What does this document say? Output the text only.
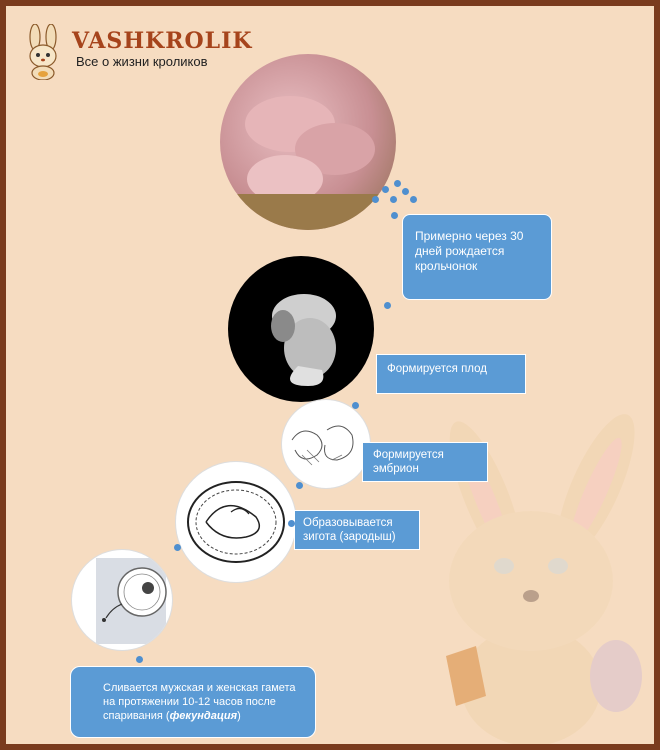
VASHKROLIK
Все о жизни кроликов
Примерно через 30 дней рождается крольчонок
Формируется плод
Формируется эмбрион
Образовывается зигота (зародыш)
Сливается мужская и женская гамета на протяжении 10-12 часов после спаривания (фекундация)
